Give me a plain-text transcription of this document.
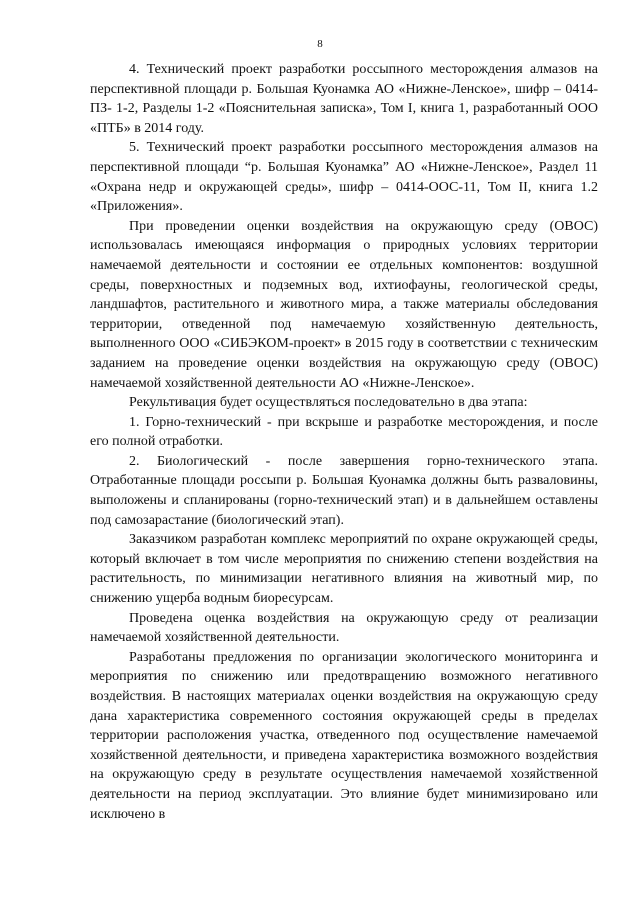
8

4. Технический проект разработки россыпного месторождения алмазов на перспективной площади р. Большая Куонамка АО «Нижне-Ленское», шифр – 0414-ПЗ- 1-2, Разделы 1-2 «Пояснительная записка», Том I, книга 1, разработанный ООО «ПТБ» в 2014 году.

5. Технический проект разработки россыпного месторождения алмазов на перспективной площади “р. Большая Куонамка” АО «Нижне-Ленское», Раздел 11 «Охрана недр и окружающей среды», шифр – 0414-ООС-11, Том II, книга 1.2 «Приложения».

При проведении оценки воздействия на окружающую среду (ОВОС) использовалась имеющаяся информация о природных условиях территории намечаемой деятельности и состоянии ее отдельных компонентов: воздушной среды, поверхностных и подземных вод, ихтиофауны, геологической среды, ландшафтов, растительного и животного мира, а также материалы обследования территории, отведенной под намечаемую хозяйственную деятельность, выполненного ООО «СИБЭКОМ-проект» в 2015 году в соответствии с техническим заданием на проведение оценки воздействия на окружающую среду (ОВОС) намечаемой хозяйственной деятельности АО «Нижне-Ленское».

Рекультивация будет осуществляться последовательно в два этапа:

1. Горно-технический - при вскрыше и разработке месторождения, и после его полной отработки.

2. Биологический - после завершения горно-технического этапа. Отработанные площади россыпи р. Большая Куонамка должны быть разваловины, выположены и спланированы (горно-технический этап) и в дальнейшем оставлены под самозарастание (биологический этап).

Заказчиком разработан комплекс мероприятий по охране окружающей среды, который включает в том числе мероприятия по снижению степени воздействия на растительность, по минимизации негативного влияния на животный мир, по снижению ущерба водным биоресурсам.

Проведена оценка воздействия на окружающую среду от реализации намечаемой хозяйственной деятельности.

Разработаны предложения по организации экологического мониторинга и мероприятия по снижению или предотвращению возможного негативного воздействия. В настоящих материалах оценки воздействия на окружающую среду дана характеристика современного состояния окружающей среды в пределах территории расположения участка, отведенного под осуществление намечаемой хозяйственной деятельности, и приведена характеристика возможного воздействия на окружающую среду в результате осуществления намечаемой хозяйственной деятельности на период эксплуатации. Это влияние будет минимизировано или исключено в
